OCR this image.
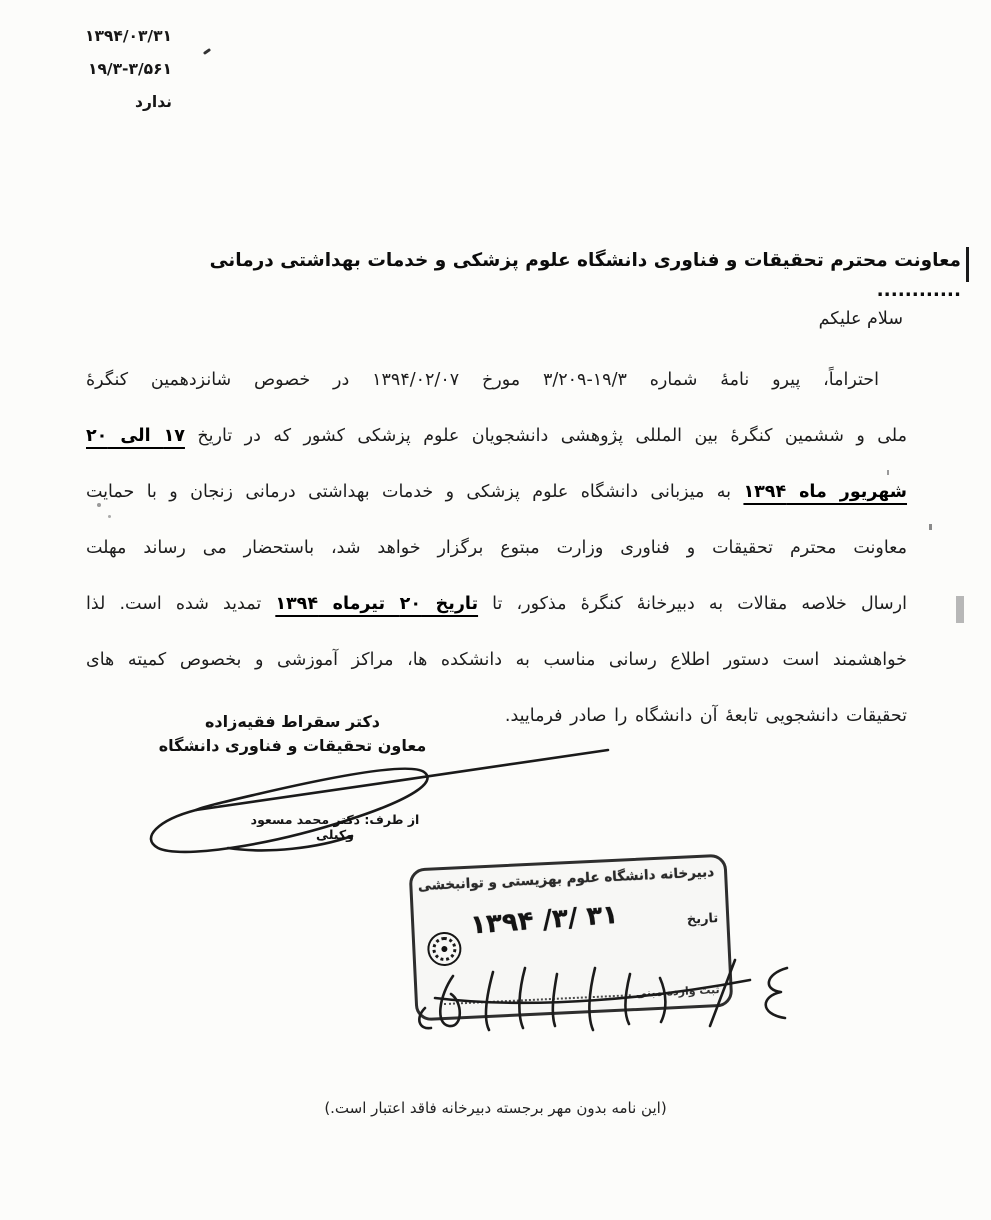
۱۳۹۴/۰۳/۳۱
۱۹/۳-۳/۵۶۱
ندارد
معاونت محترم تحقیقات و فناوری دانشگاه علوم پزشکی و خدمات بهداشتی درمانی ............
سلام علیکم
احتراماً، پیرو نامۀ شماره ۱۹/۳-۳/۲۰۹ مورخ ۱۳۹۴/۰۲/۰۷ در خصوص شانزدهمین کنگرۀ
ملی و ششمین کنگرۀ بین المللی پژوهشی دانشجویان علوم پزشکی کشور که در تاریخ ۱۷ الی ۲۰
شهریور ماه ۱۳۹۴ به میزبانی دانشگاه علوم پزشکی و خدمات بهداشتی درمانی زنجان و با حمایت
معاونت محترم تحقیقات و فناوری وزارت مبتوع برگزار خواهد شد، باستحضار می رساند مهلت
ارسال خلاصه مقالات به دبیرخانۀ کنگرۀ مذکور، تا تاریخ ۲۰ تیرماه ۱۳۹۴ تمدید شده است. لذا
خواهشمند است دستور اطلاع رسانی مناسب به دانشکده ها، مراکز آموزشی و بخصوص کمیته های
تحقیقات دانشجویی تابعۀ آن دانشگاه را صادر فرمایید.
دکتر سقراط فقیه‌زاده
معاون تحقیقات و فناوری دانشگاه
از طرف: دکتر محمد مسعود وکیلی
دبیرخانه دانشگاه علوم بهزیستی و توانبخشی
تاریخ
۱۳۹۴ /۳/ ۳۱
ثبت وارده مبنی
(این نامه بدون مهر برجسته دبیرخانه فاقد اعتبار است.)
